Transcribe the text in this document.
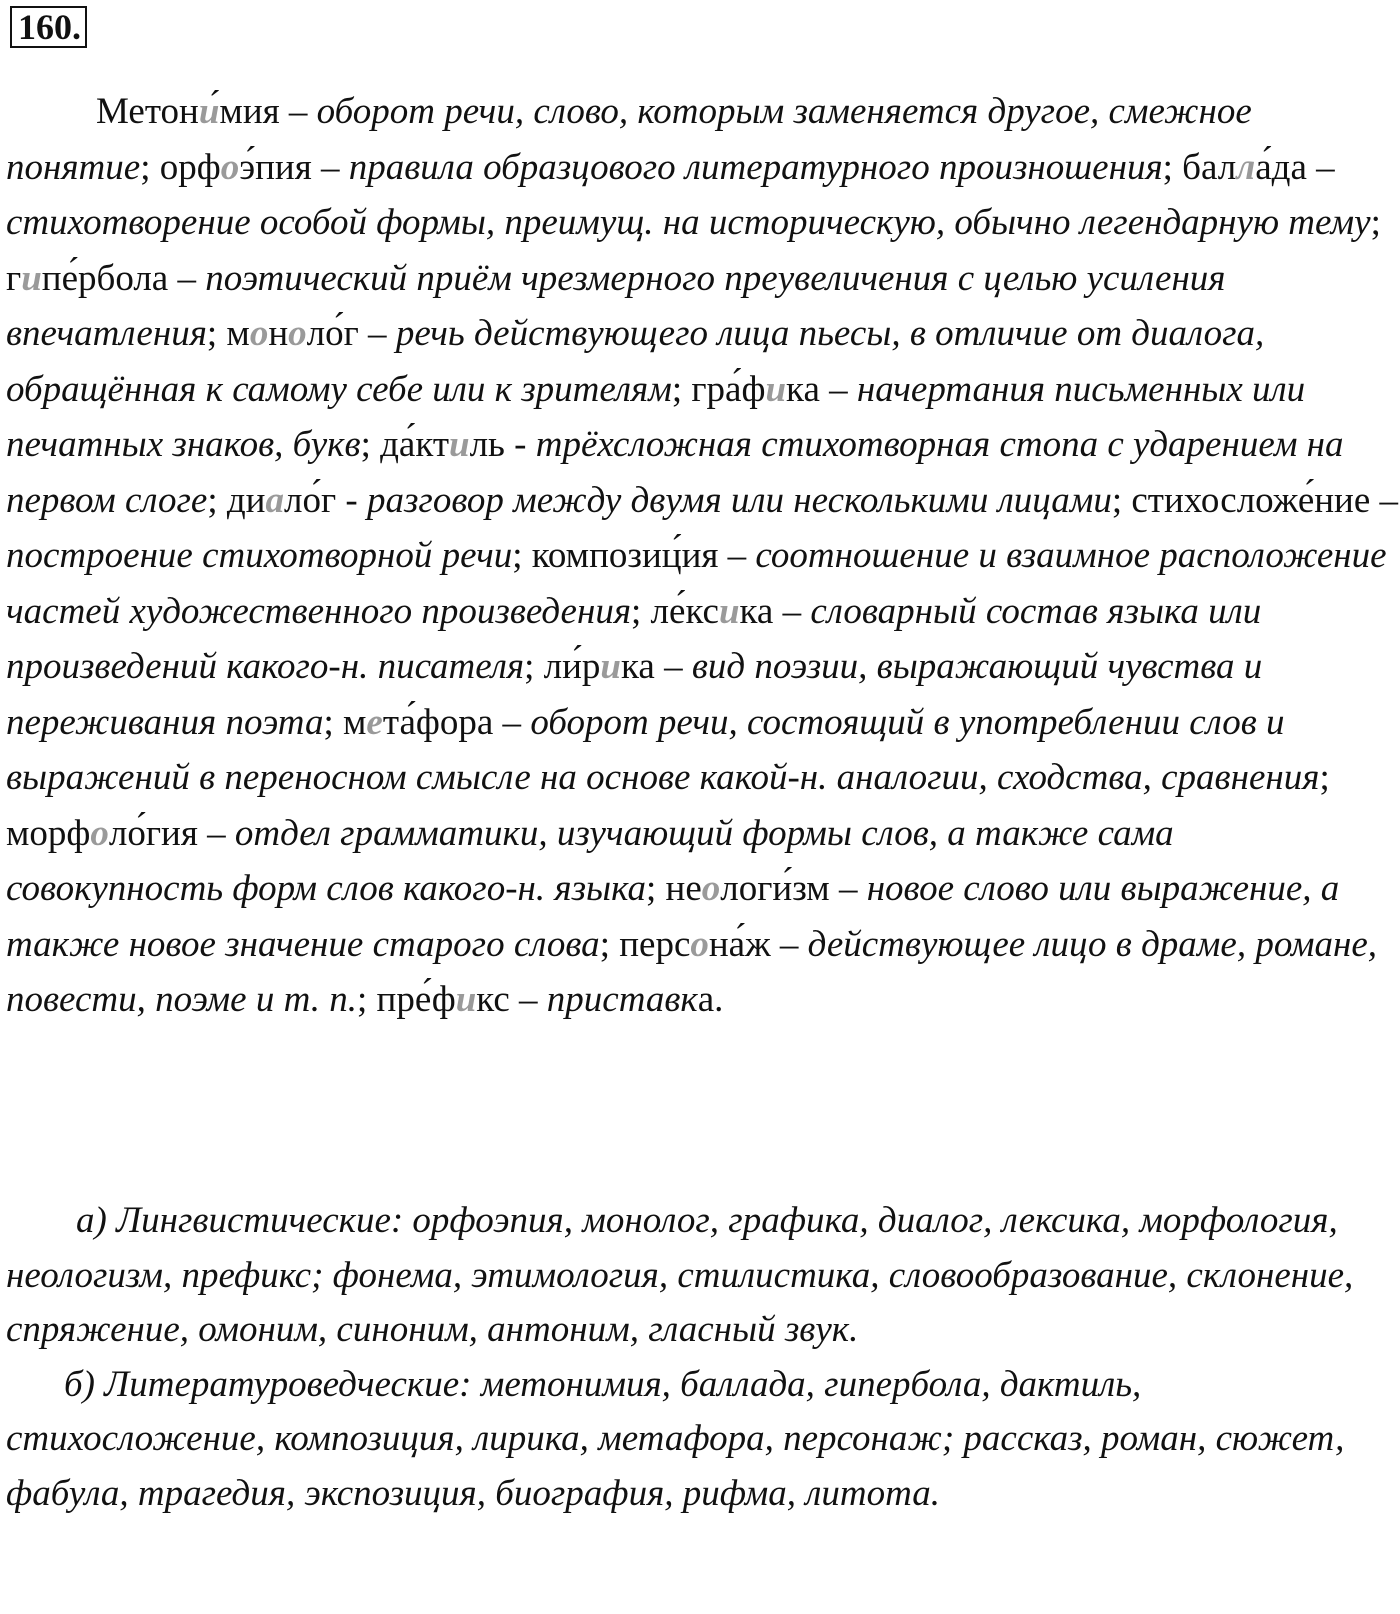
160.

Метони́мия – оборот речи, слово, которым заменяется другое, смежное понятие; орфоэ́пия – правила образцового литературного произношения; балла́да – стихотворение особой формы, преимущ. на историческую, обычно легендарную тему; гипе́рбола – поэтический приём чрезмерного преувеличения с целью усиления впечатления; моноло́г – речь действующего лица пьесы, в отличие от диалога, обращённая к самому себе или к зрителям; гра́фика – начертания письменных или печатных знаков, букв; да́ктиль - трёхсложная стихотворная стопа с ударением на первом слоге; диало́г - разговор между двумя или несколькими лицами; стихосложе́ние – построение стихотворной речи; композиц́ия – соотношение и взаимное расположение частей художественного произведения; ле́ксика – словарный состав языка или произведений какого-н. писателя; ли́рика – вид поэзии, выражающий чувства и переживания поэта; мета́фора – оборот речи, состоящий в употреблении слов и выражений в переносном смысле на основе какой-н. аналогии, сходства, сравнения; морфоло́гия – отдел грамматики, изучающий формы слов, а также сама совокупность форм слов какого-н. языка; неологи́зм – новое слово или выражение, а также новое значение старого слова; персона́ж – действующее лицо в драме, романе, повести, поэме и т. п.; пре́фикс – приставка.

а) Лингвистические: орфоэпия, монолог, графика, диалог, лексика, морфология, неологизм, префикс; фонема, этимология, стилистика, словообразование, склонение, спряжение, омоним, синоним, антоним, гласный звук.

б) Литературоведческие: метонимия, баллада, гипербола, дактиль, стихосложение, композиция, лирика, метафора, персонаж; рассказ, роман, сюжет, фабула, трагедия, экспозиция, биография, рифма, литота.
